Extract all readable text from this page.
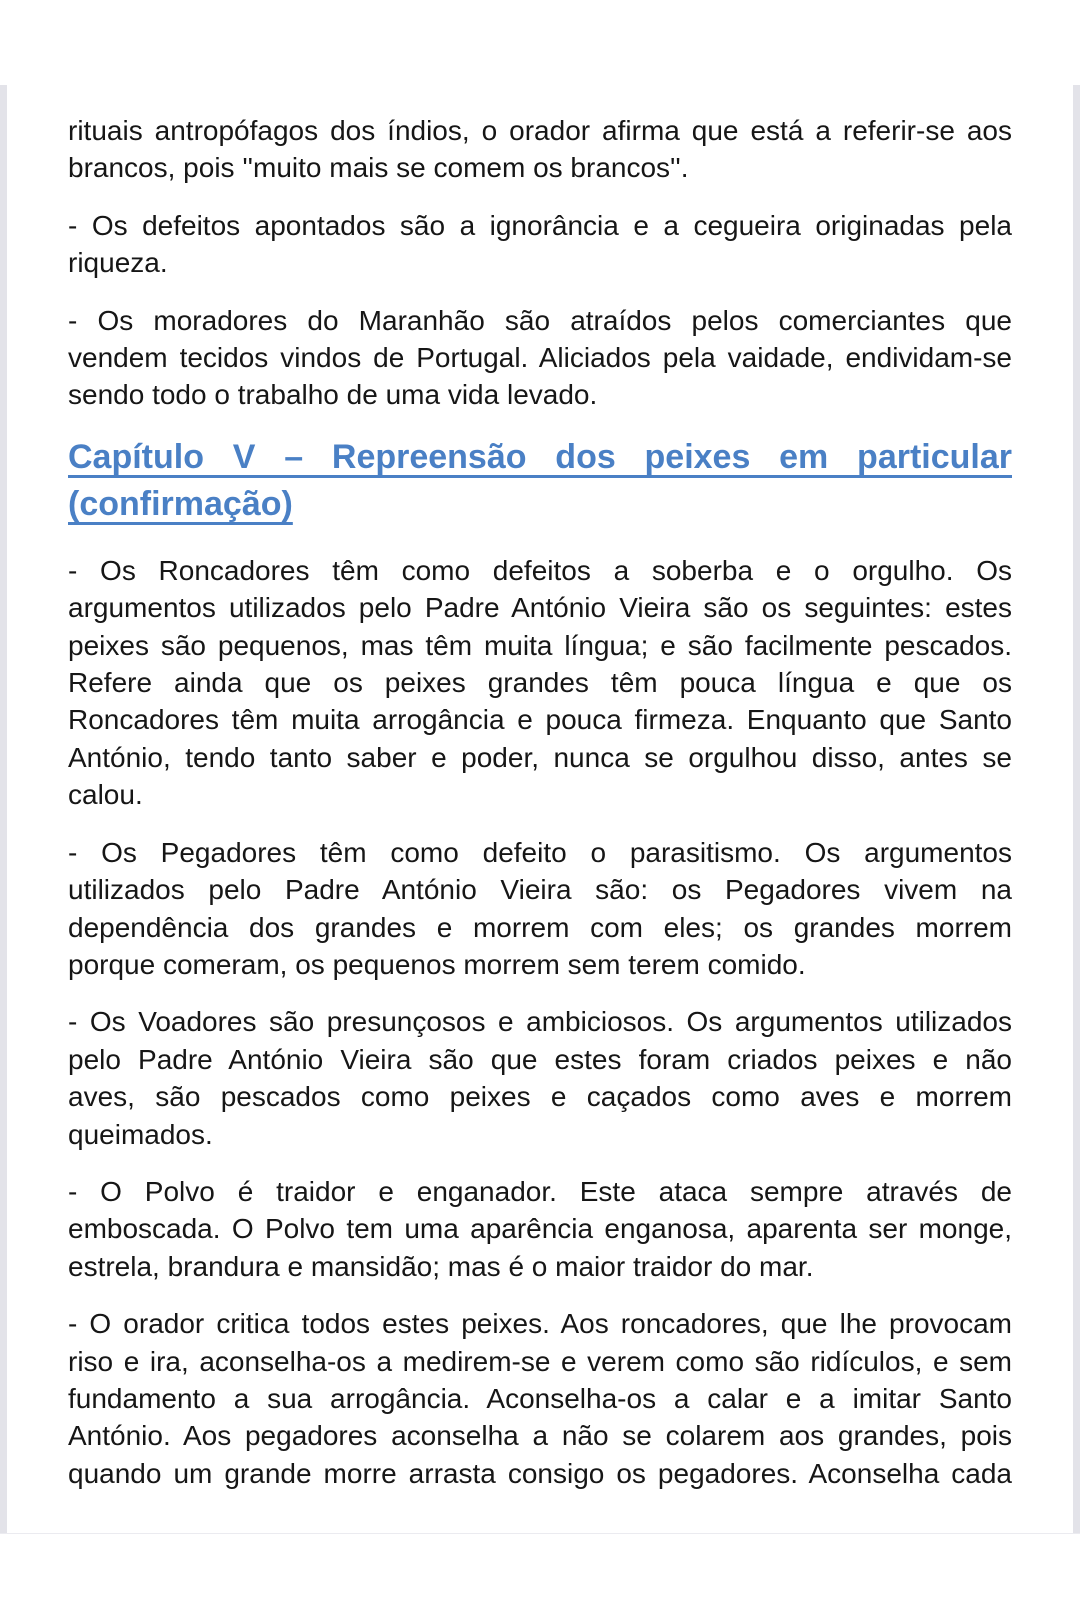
rituais antropófagos dos índios, o orador afirma que está a referir-se aos
brancos, pois ''muito mais se comem os brancos''.

- Os defeitos apontados são a ignorância e a cegueira originadas pela
riqueza.

- Os moradores do Maranhão são atraídos pelos comerciantes que
vendem tecidos vindos de Portugal. Aliciados pela vaidade, endividam-se
sendo todo o trabalho de uma vida levado.

Capítulo V – Repreensão dos peixes em particular
(confirmação)

- Os Roncadores têm como defeitos a soberba e o orgulho. Os
argumentos utilizados pelo Padre António Vieira são os seguintes: estes
peixes são pequenos, mas têm muita língua; e são facilmente pescados.
Refere ainda que os peixes grandes têm pouca língua e que os
Roncadores têm muita arrogância e pouca firmeza. Enquanto que Santo
António, tendo tanto saber e poder, nunca se orgulhou disso, antes se
calou.

- Os Pegadores têm como defeito o parasitismo. Os argumentos
utilizados pelo Padre António Vieira são: os Pegadores vivem na
dependência dos grandes e morrem com eles; os grandes morrem
porque comeram, os pequenos morrem sem terem comido.

- Os Voadores são presunçosos e ambiciosos. Os argumentos utilizados
pelo Padre António Vieira são que estes foram criados peixes e não
aves, são pescados como peixes e caçados como aves e morrem
queimados.

- O Polvo é traidor e enganador. Este ataca sempre através de
emboscada. O Polvo tem uma aparência enganosa, aparenta ser monge,
estrela, brandura e mansidão; mas é o maior traidor do mar.

- O orador critica todos estes peixes. Aos roncadores, que lhe provocam
riso e ira, aconselha-os a medirem-se e verem como são ridículos, e sem
fundamento a sua arrogância. Aconselha-os a calar e a imitar Santo
António. Aos pegadores aconselha a não se colarem aos grandes, pois
quando um grande morre arrasta consigo os pegadores. Aconselha cada
